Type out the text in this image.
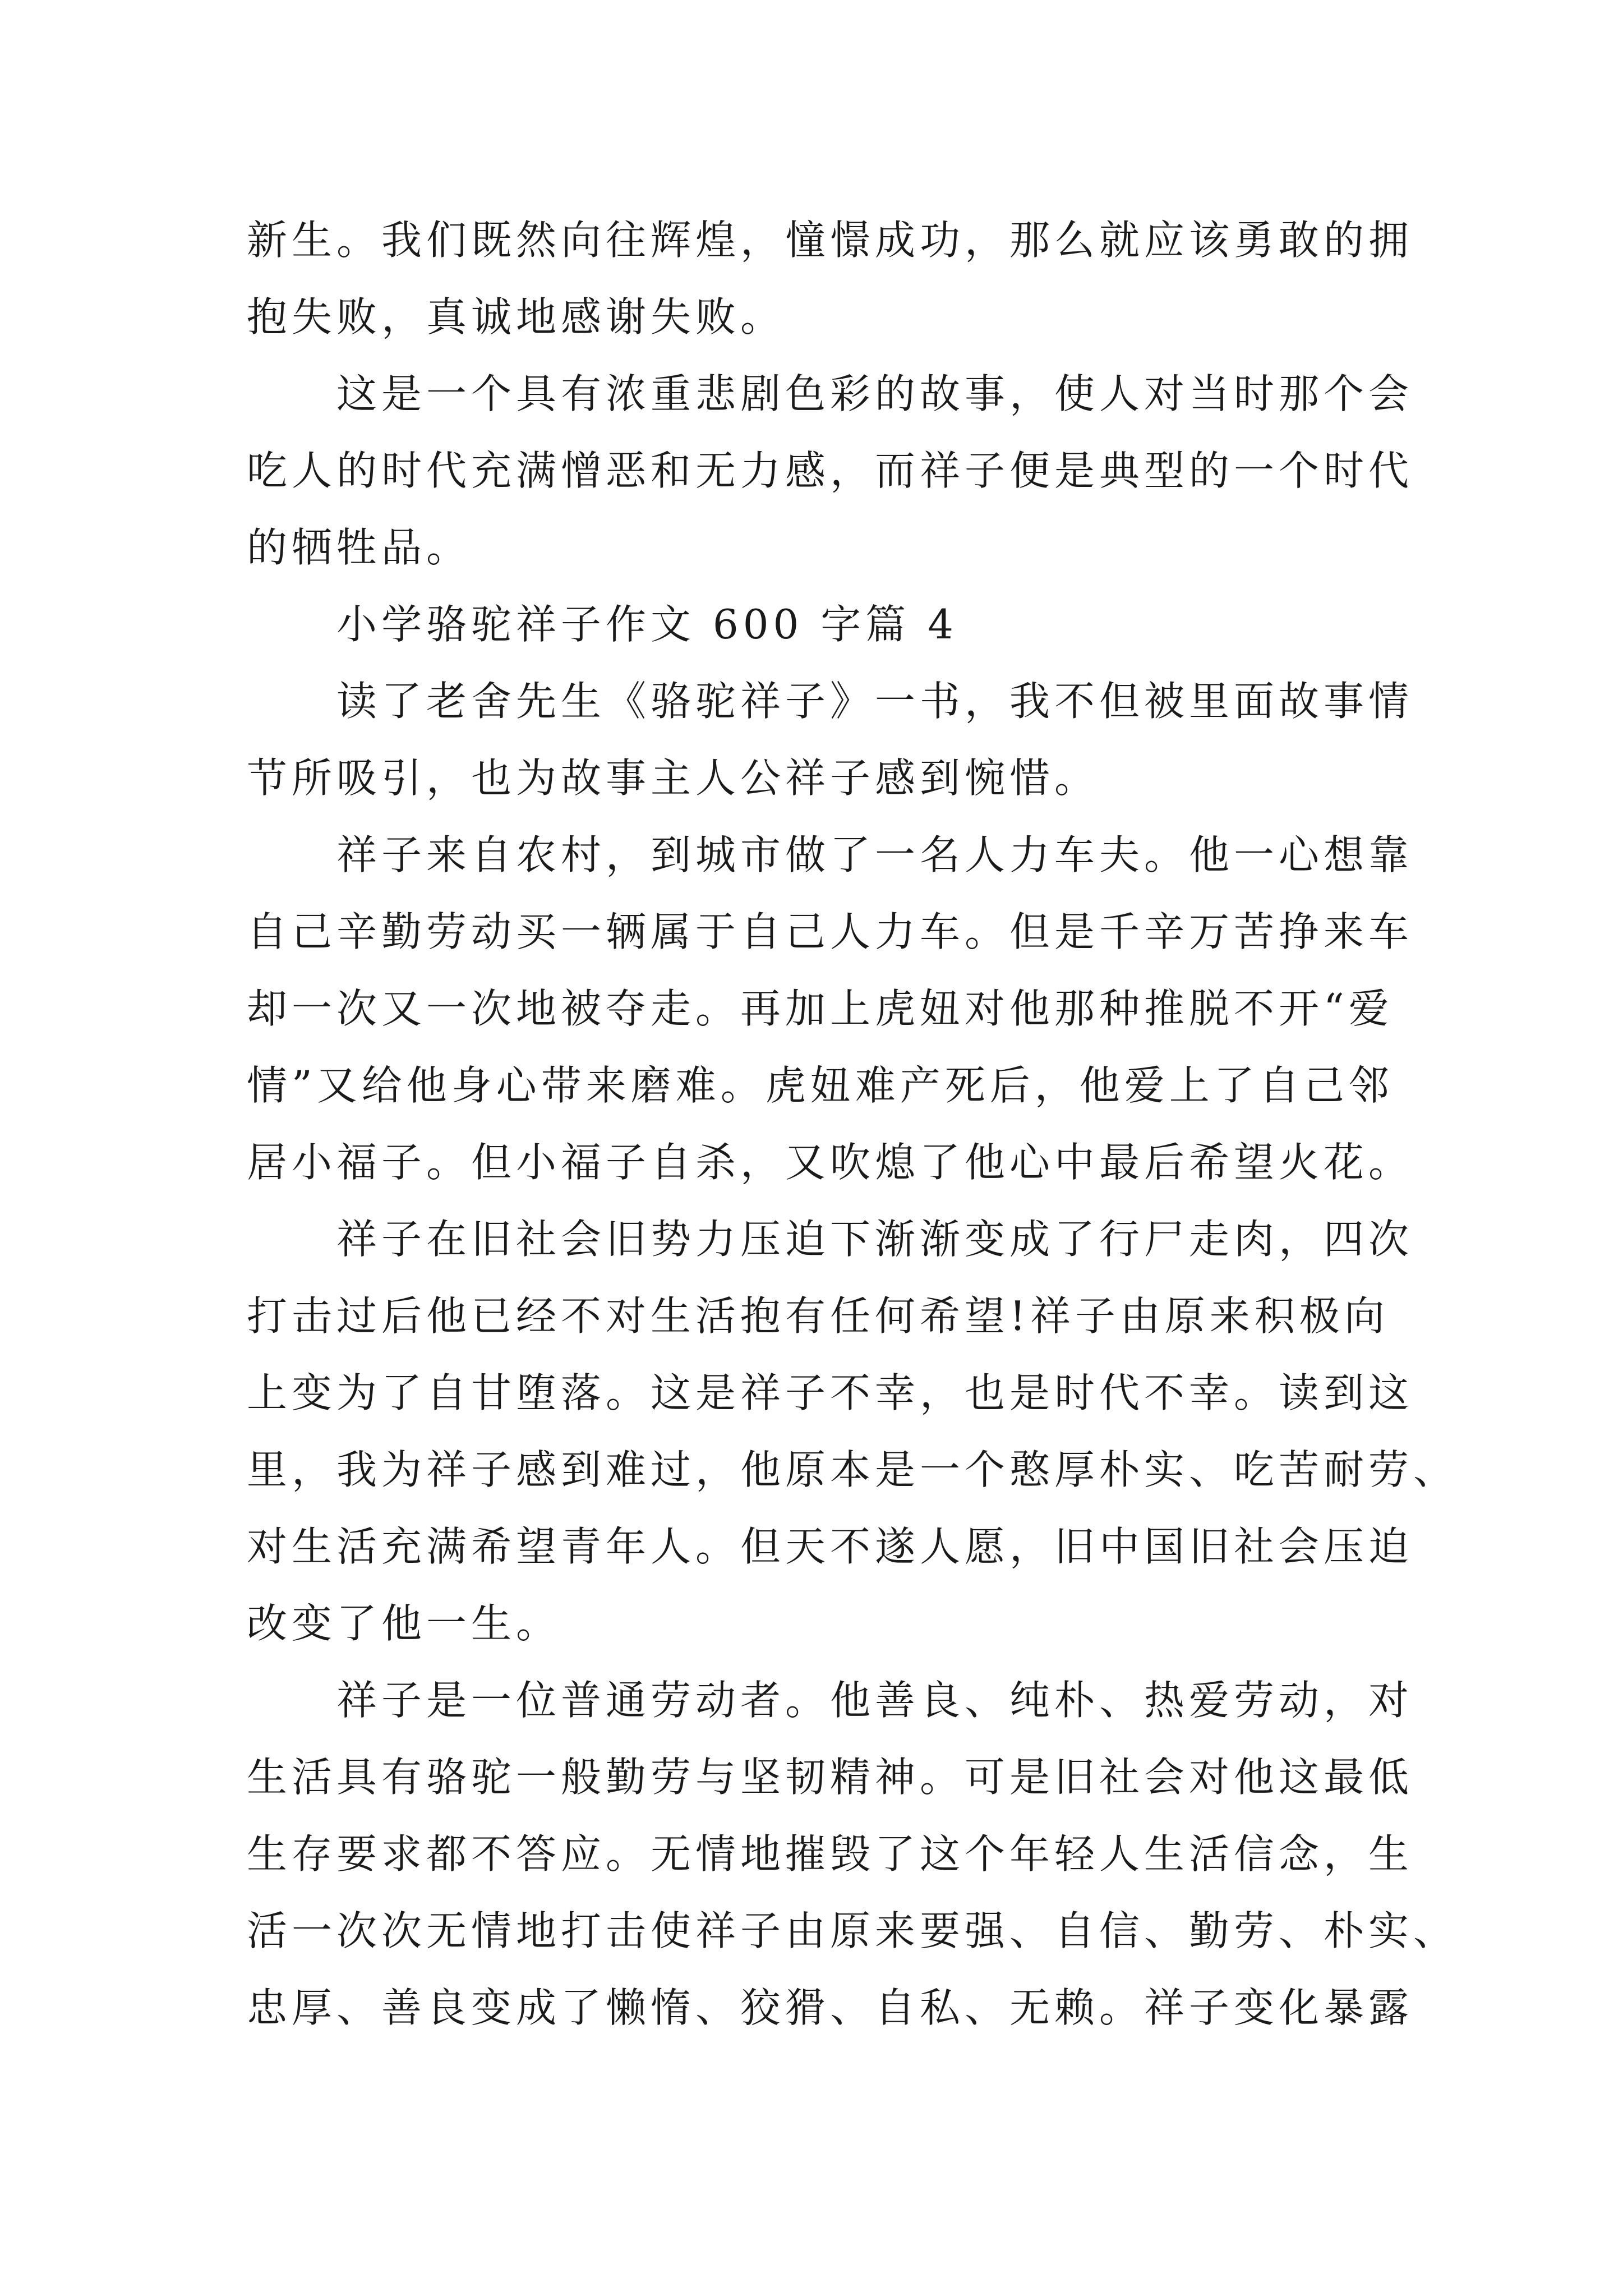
新生。我们既然向往辉煌，憧憬成功，那么就应该勇敢的拥
抱失败，真诚地感谢失败。
这是一个具有浓重悲剧色彩的故事，使人对当时那个会
吃人的时代充满憎恶和无力感，而祥子便是典型的一个时代
的牺牲品。
小学骆驼祥子作文 600 字篇 4
读了老舍先生《骆驼祥子》一书，我不但被里面故事情
节所吸引，也为故事主人公祥子感到惋惜。
祥子来自农村，到城市做了一名人力车夫。他一心想靠
自己辛勤劳动买一辆属于自己人力车。但是千辛万苦挣来车
却一次又一次地被夺走。再加上虎妞对他那种推脱不开“爱
情”又给他身心带来磨难。虎妞难产死后，他爱上了自己邻
居小福子。但小福子自杀，又吹熄了他心中最后希望火花。
祥子在旧社会旧势力压迫下渐渐变成了行尸走肉，四次
打击过后他已经不对生活抱有任何希望!祥子由原来积极向
上变为了自甘堕落。这是祥子不幸，也是时代不幸。读到这
里，我为祥子感到难过，他原本是一个憨厚朴实、吃苦耐劳、
对生活充满希望青年人。但天不遂人愿，旧中国旧社会压迫
改变了他一生。
祥子是一位普通劳动者。他善良、纯朴、热爱劳动，对
生活具有骆驼一般勤劳与坚韧精神。可是旧社会对他这最低
生存要求都不答应。无情地摧毁了这个年轻人生活信念，生
活一次次无情地打击使祥子由原来要强、自信、勤劳、朴实、
忠厚、善良变成了懒惰、狡猾、自私、无赖。祥子变化暴露
